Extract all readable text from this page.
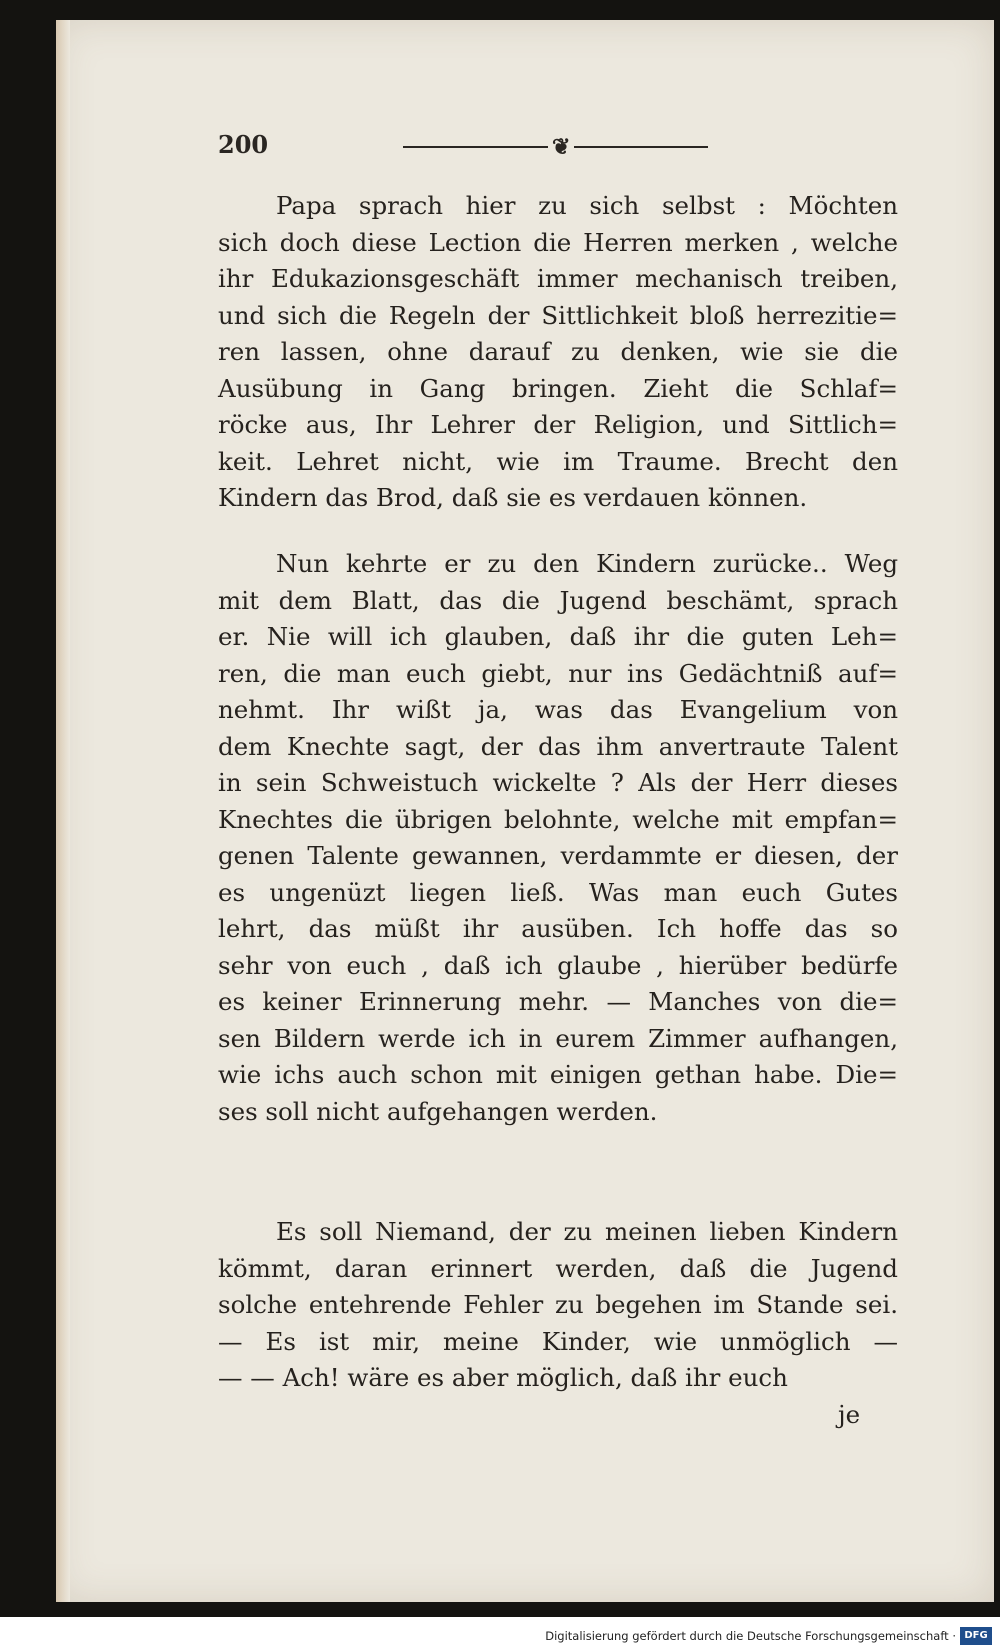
200	❦
Papa sprach hier zu sich selbst : Möchten
sich doch diese Lection die Herren merken , welche
ihr Edukazionsgeschäft immer mechanisch treiben,
und sich die Regeln der Sittlichkeit bloß herrezitie=
ren lassen, ohne darauf zu denken, wie sie die
Ausübung in Gang bringen. Zieht die Schlaf=
röcke aus, Ihr Lehrer der Religion, und Sittlich=
keit. Lehret nicht, wie im Traume. Brecht den
Kindern das Brod, daß sie es verdauen können.
Nun kehrte er zu den Kindern zurücke.. Weg
mit dem Blatt, das die Jugend beschämt, sprach
er. Nie will ich glauben, daß ihr die guten Leh=
ren, die man euch giebt, nur ins Gedächtniß auf=
nehmt. Ihr wißt ja, was das Evangelium von
dem Knechte sagt, der das ihm anvertraute Talent
in sein Schweistuch wickelte ? Als der Herr dieses
Knechtes die übrigen belohnte, welche mit empfan=
genen Talente gewannen, verdammte er diesen, der
es ungenüzt liegen ließ. Was man euch Gutes
lehrt, das müßt ihr ausüben. Ich hoffe das so
sehr von euch , daß ich glaube , hierüber bedürfe
es keiner Erinnerung mehr. — Manches von die=
sen Bildern werde ich in eurem Zimmer aufhangen,
wie ichs auch schon mit einigen gethan habe. Die=
ses soll nicht aufgehangen werden.
Es soll Niemand, der zu meinen lieben Kindern
kömmt, daran erinnert werden, daß die Jugend
solche entehrende Fehler zu begehen im Stande sei.
— Es ist mir, meine Kinder, wie unmöglich —
— — Ach! wäre es aber möglich, daß ihr euch
je
Digitalisierung gefördert durch die Deutsche Forschungsgemeinschaft · DFG
